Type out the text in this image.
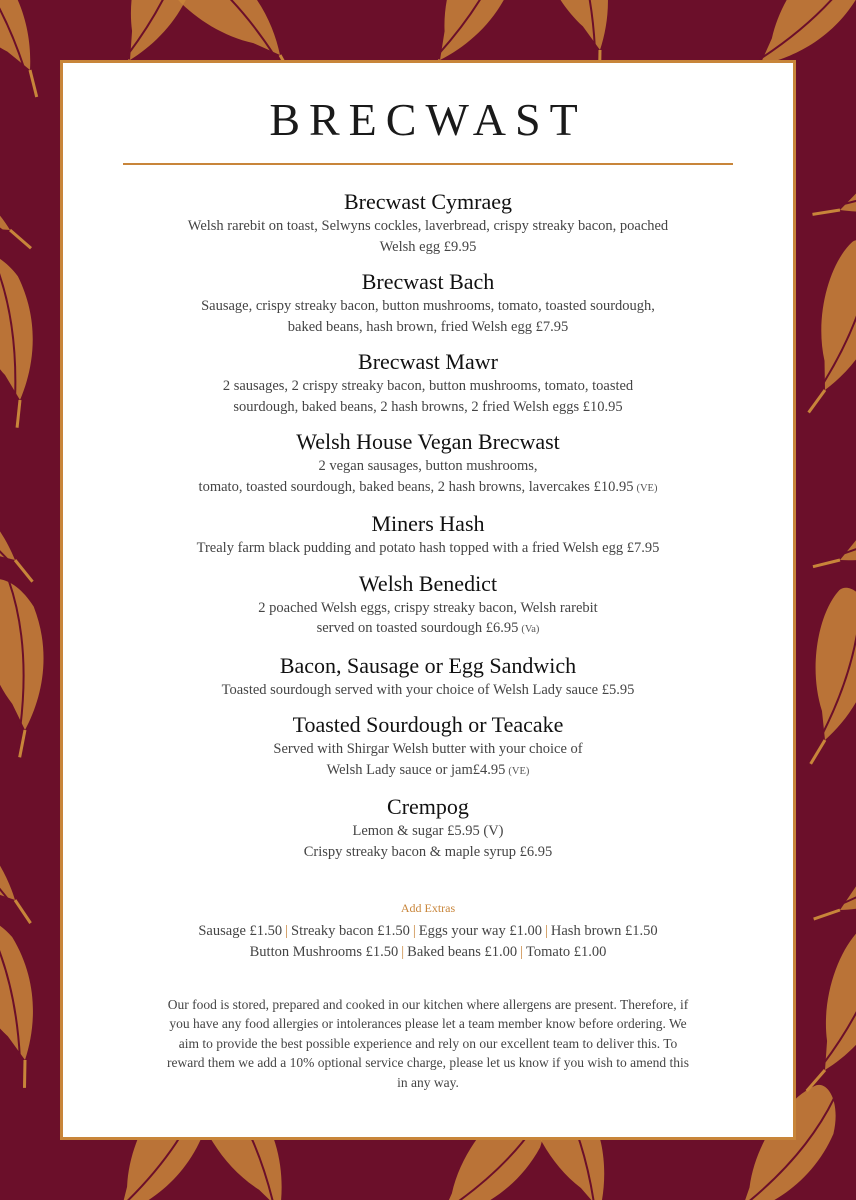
BRECWAST
Brecwast Cymraeg

Welsh rarebit on toast, Selwyns cockles, laverbread, crispy streaky bacon, poached
Welsh egg £9.95

Brecwast Bach

Sausage, crispy streaky bacon, button mushrooms, tomato, toasted sourdough,
baked beans, hash brown, fried Welsh egg £7.95

Brecwast Mawr

2 sausages, 2 crispy streaky bacon, button mushrooms, tomato, toasted
sourdough, baked beans, 2 hash browns, 2 fried Welsh eggs £10.95

Welsh House Vegan Brecwast

2 vegan sausages, button mushrooms,
tomato, toasted sourdough, baked beans, 2 hash browns, lavercakes £10.95 (VE)

Miners Hash

Trealy farm black pudding and potato hash topped with a fried Welsh egg £7.95

Welsh Benedict

2 poached Welsh eggs, crispy streaky bacon, Welsh rarebit
served on toasted sourdough £6.95 (Va)

Bacon, Sausage or Egg Sandwich

Toasted sourdough served with your choice of Welsh Lady sauce £5.95

Toasted Sourdough or Teacake

Served with Shirgar Welsh butter with your choice of
Welsh Lady sauce or jam£4.95 (VE)

Crempog

Lemon & sugar £5.95 (V)
Crispy streaky bacon & maple syrup £6.95

Add Extras
Sausage £1.50 | Streaky bacon £1.50 | Eggs your way £1.00 | Hash brown £1.50
Button Mushrooms £1.50 | Baked beans £1.00 | Tomato £1.00

Our food is stored, prepared and cooked in our kitchen where allergens are present. Therefore, if you have any food allergies or intolerances please let a team member know before ordering. We aim to provide the best possible experience and rely on our excellent team to deliver this. To reward them we add a 10% optional service charge, please let us know if you wish to amend this in any way.
